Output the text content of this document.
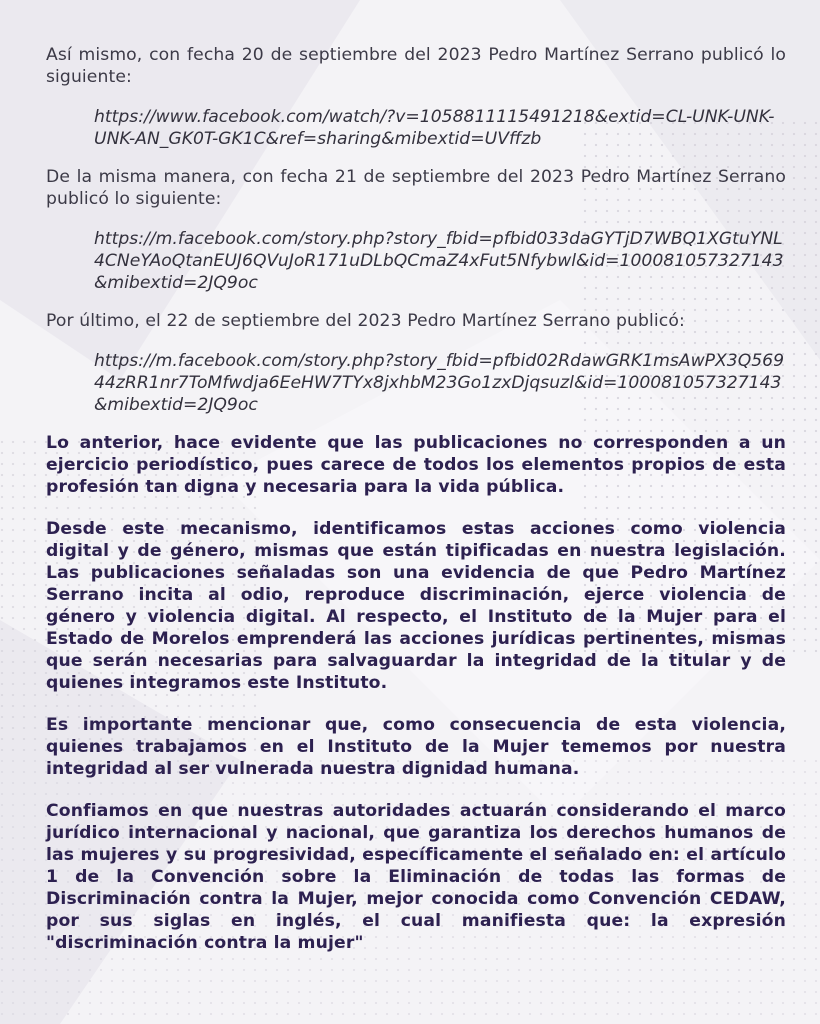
Así mismo, con fecha 20 de septiembre del 2023 Pedro Martínez Serrano publicó lo siguiente:

https://www.facebook.com/watch/?v=1058811115491218&extid=CL-UNK-UNK-UNK-AN_GK0T-GK1C&ref=sharing&mibextid=UVffzb

De la misma manera, con fecha 21 de septiembre del 2023 Pedro Martínez Serrano publicó lo siguiente:

https://m.facebook.com/story.php?story_fbid=pfbid033daGYTjD7WBQ1XGtuYNL4CNeYAoQtanEUJ6QVuJoR171uDLbQCmaZ4xFut5Nfybwl&id=100081057327143&mibextid=2JQ9oc

Por último, el 22 de septiembre del 2023 Pedro Martínez Serrano publicó:

https://m.facebook.com/story.php?story_fbid=pfbid02RdawGRK1msAwPX3Q56944zRR1nr7ToMfwdja6EeHW7TYx8jxhbM23Go1zxDjqsuzl&id=100081057327143&mibextid=2JQ9oc

Lo anterior, hace evidente que las publicaciones no corresponden a un ejercicio periodístico, pues carece de todos los elementos propios de esta profesión tan digna y necesaria para la vida pública.

Desde este mecanismo, identificamos estas acciones como violencia digital y de género, mismas que están tipificadas en nuestra legislación. Las publicaciones señaladas son una evidencia de que Pedro Martínez Serrano incita al odio, reproduce discriminación, ejerce violencia de género y violencia digital. Al respecto, el Instituto de la Mujer para el Estado de Morelos emprenderá las acciones jurídicas pertinentes, mismas que serán necesarias para salvaguardar la integridad de la titular y de quienes integramos este Instituto.

Es importante mencionar que, como consecuencia de esta violencia, quienes trabajamos en el Instituto de la Mujer tememos por nuestra integridad al ser vulnerada nuestra dignidad humana.

Confiamos en que nuestras autoridades actuarán considerando el marco jurídico internacional y nacional, que garantiza los derechos humanos de las mujeres y su progresividad, específicamente el señalado en: el artículo 1 de la Convención sobre la Eliminación de todas las formas de Discriminación contra la Mujer, mejor conocida como Convención CEDAW, por sus siglas en inglés, el cual manifiesta que: la expresión "discriminación contra la mujer"
